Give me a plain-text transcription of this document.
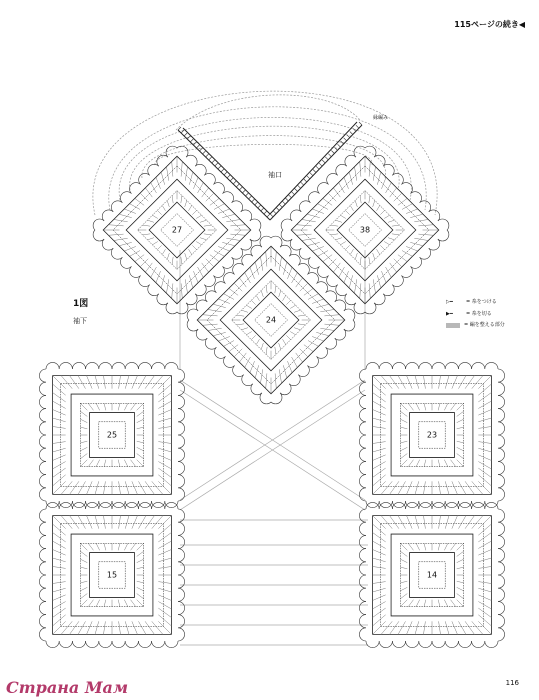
115ページの続き◀
袖口
縁編み
1図
袖下
▷━	= 糸をつける
▶━	= 糸を切る
= 編を整える部分
116
Страна Мам
27	38
24
25	23
15	14
